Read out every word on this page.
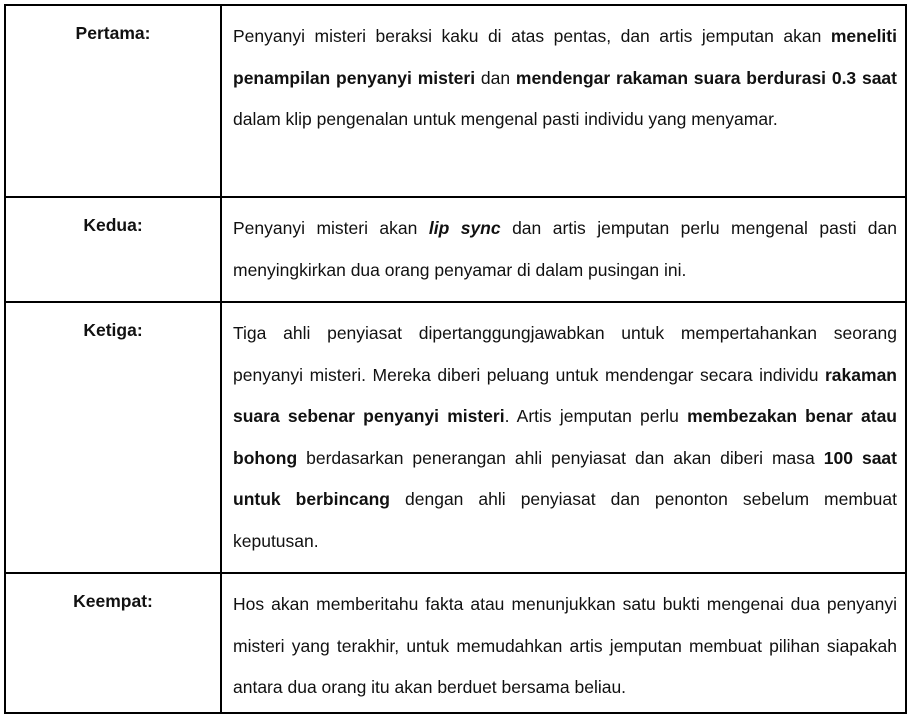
Pertama:	Penyanyi misteri beraksi kaku di atas pentas, dan artis jemputan akan meneliti penampilan penyanyi misteri dan mendengar rakaman suara berdurasi 0.3 saat dalam klip pengenalan untuk mengenal pasti individu yang menyamar.
Kedua:	Penyanyi misteri akan lip sync dan artis jemputan perlu mengenal pasti dan menyingkirkan dua orang penyamar di dalam pusingan ini.
Ketiga:	Tiga ahli penyiasat dipertanggungjawabkan untuk mempertahankan seorang penyanyi misteri. Mereka diberi peluang untuk mendengar secara individu rakaman suara sebenar penyanyi misteri. Artis jemputan perlu membezakan benar atau bohong berdasarkan penerangan ahli penyiasat dan akan diberi masa 100 saat untuk berbincang dengan ahli penyiasat dan penonton sebelum membuat keputusan.
Keempat:	Hos akan memberitahu fakta atau menunjukkan satu bukti mengenai dua penyanyi misteri yang terakhir, untuk memudahkan artis jemputan membuat pilihan siapakah antara dua orang itu akan berduet bersama beliau.
